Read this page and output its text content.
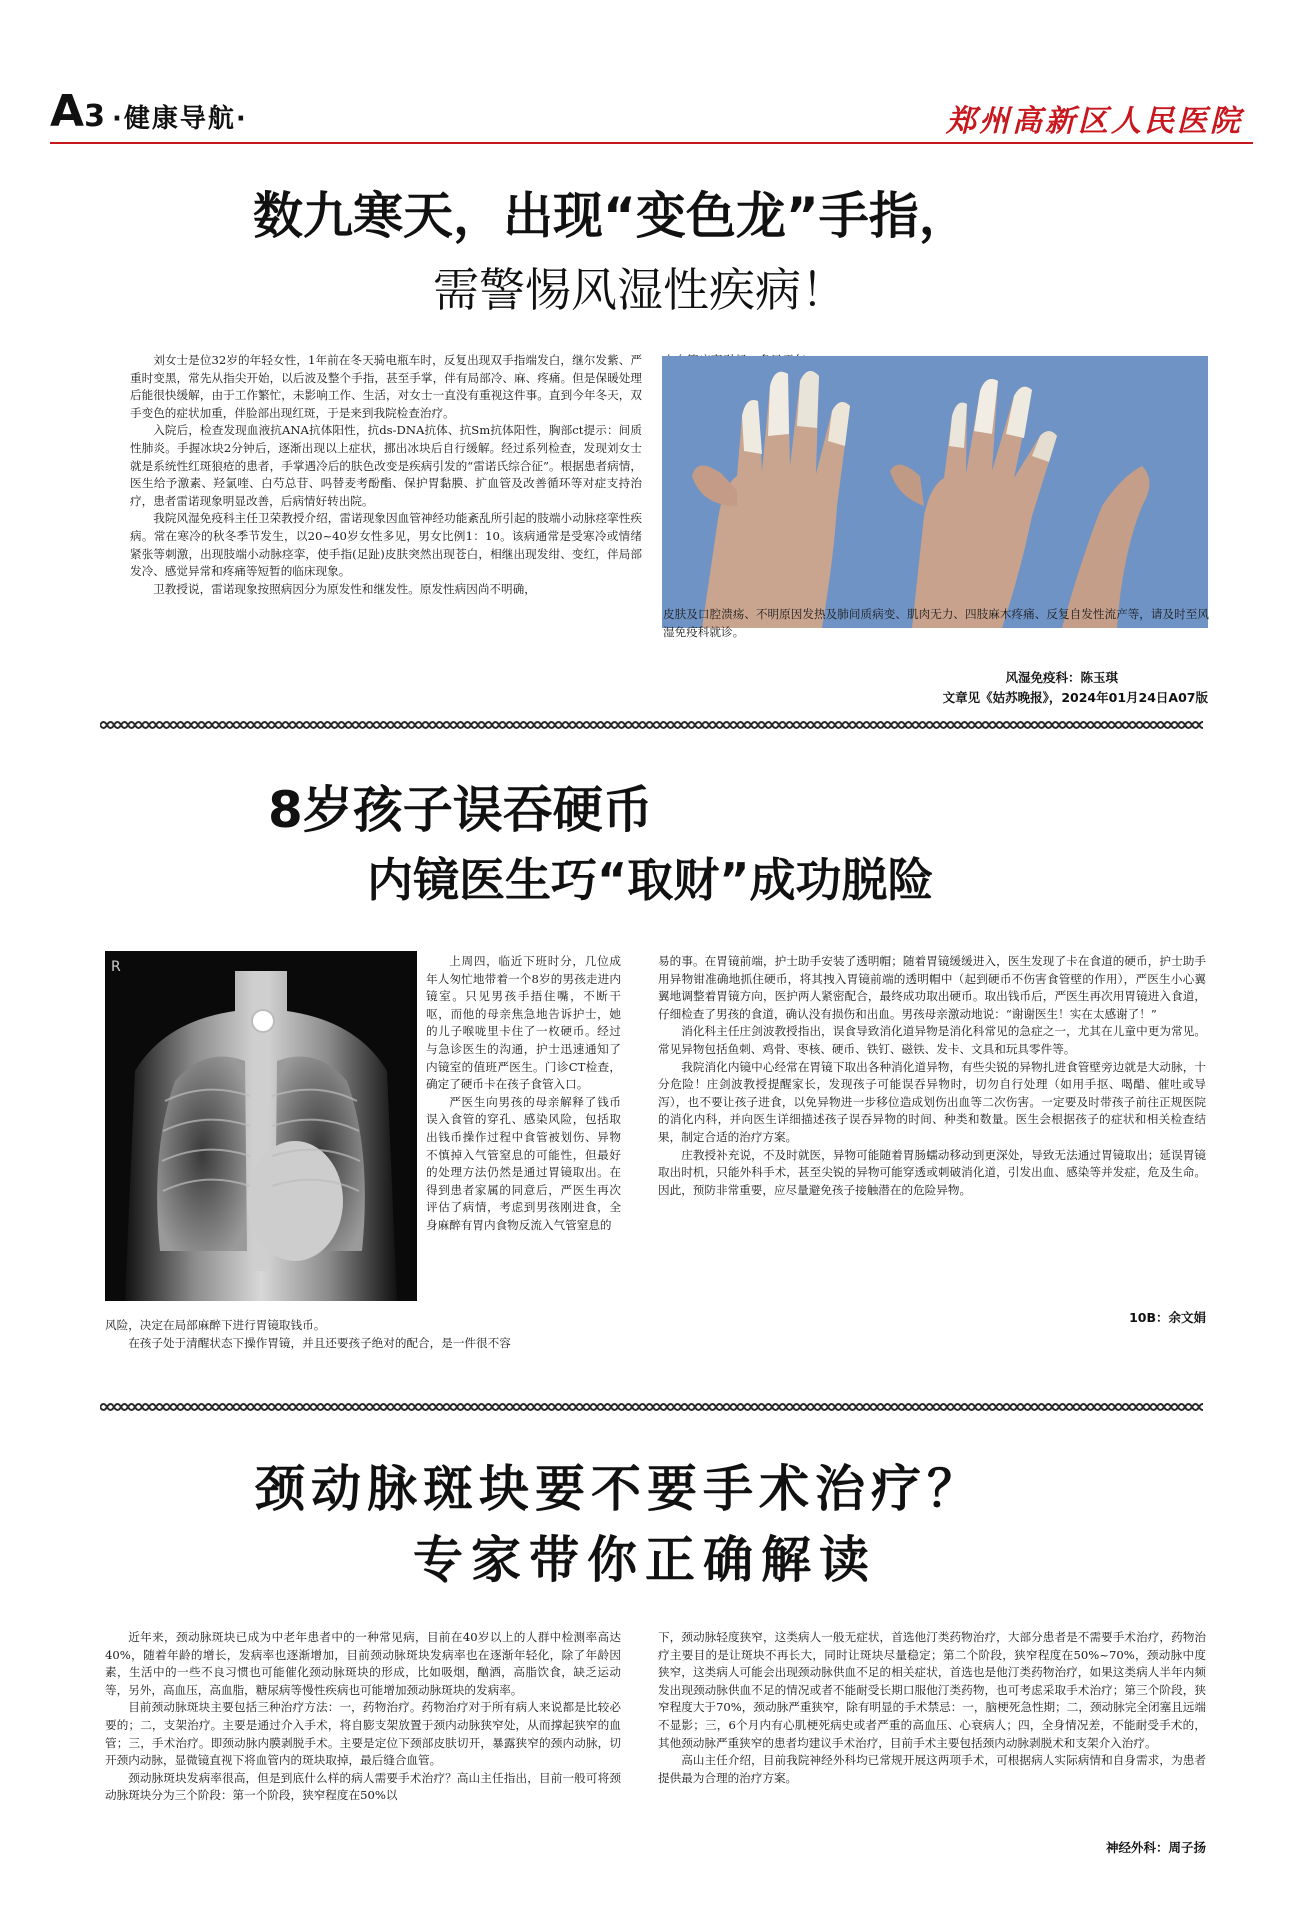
A3 ·健康导航·	郑州高新区人民医院
数九寒天，出现“变色龙”手指，
需警惕风湿性疾病！

刘女士是位32岁的年轻女性，1年前在冬天骑电瓶车时，反复出现双手指端发白，继尔发紫、严重时变黑，常先从指尖开始，以后波及整个手指，甚至手掌，伴有局部冷、麻、疼痛。但是保暖处理后能很快缓解，由于工作繁忙，未影响工作、生活，对女士一直没有重视这件事。直到今年冬天，双手变色的症状加重，伴脸部出现红斑，于是来到我院检查治疗。

入院后，检查发现血液抗ANA抗体阳性，抗ds-DNA抗体、抗Sm抗体阳性，胸部ct提示：间质性肺炎。手握冰块2分钟后，逐渐出现以上症状，挪出冰块后自行缓解。经过系列检查，发现刘女士就是系统性红斑狼疮的患者，手掌遇冷后的肤色改变是疾病引发的“雷诺氏综合征”。根据患者病情，医生给予激素、羟氯喹、白芍总苷、吗替麦考酚酯、保护胃黏膜、扩血管及改善循环等对症支持治疗，患者雷诺现象明显改善，后病情好转出院。

我院风湿免疫科主任卫荣教授介绍，雷诺现象因血管神经功能紊乱所引起的肢端小动脉痉挛性疾病。常在寒冷的秋冬季节发生，以20~40岁女性多见，男女比例1：10。该病通常是受寒冷或情绪紧张等刺激，出现肢端小动脉痉挛，使手指(足趾)皮肤突然出现苍白，相继出现发绀、变红，伴局部发冷、感觉异常和疼痛等短暂的临床现象。

卫教授说，雷诺现象按照病因分为原发性和继发性。原发性病因尚不明确，

皮肤及口腔溃疡、不明原因发热及肺间质病变、肌肉无力、四肢麻木疼痛、反复自发性流产等，请及时至风湿免疫科就诊。
风湿免疫科：陈玉琪
文章见《姑苏晚报》，2024年01月24日A07版
8岁孩子误吞硬币
内镜医生巧“取财”成功脱险
R	上周四，临近下班时分，几位成年人匆忙地带着一个8岁的男孩走进内镜室。只见男孩手捂住嘴，不断干呕，而他的母亲焦急地告诉护士，她的儿子喉咙里卡住了一枚硬币。经过与急诊医生的沟通，护士迅速通知了内镜室的值班严医生。门诊CT检查，确定了硬币卡在孩子食管入口。

严医生向男孩的母亲解释了钱币误入食管的穿孔、感染风险，包括取出钱币操作过程中食管被划伤、异物不慎掉入气管窒息的可能性，但最好的处理方法仍然是通过胃镜取出。在得到患者家属的同意后，严医生再次评估了病情，考虑到男孩刚进食，全身麻醉有胃内食物反流入气管窒息的

风险，决定在局部麻醉下进行胃镜取钱币。

在孩子处于清醒状态下操作胃镜，并且还要孩子绝对的配合，是一件很不容

易的事。在胃镜前端，护士助手安装了透明帽；随着胃镜缓缓进入，医生发现了卡在食道的硬币，护士助手用异物钳准确地抓住硬币，将其拽入胃镜前端的透明帽中（起到硬币不伤害食管壁的作用），严医生小心翼翼地调整着胃镜方向，医护两人紧密配合，最终成功取出硬币。取出钱币后，严医生再次用胃镜进入食道，仔细检查了男孩的食道，确认没有损伤和出血。男孩母亲激动地说：“谢谢医生！实在太感谢了！”

消化科主任庄剑波教授指出，误食导致消化道异物是消化科常见的急症之一，尤其在儿童中更为常见。常见异物包括鱼刺、鸡骨、枣核、硬币、铁钉、磁铁、发卡、文具和玩具零件等。

我院消化内镜中心经常在胃镜下取出各种消化道异物，有些尖锐的异物扎进食管壁旁边就是大动脉，十分危险！庄剑波教授提醒家长，发现孩子可能误吞异物时，切勿自行处理（如用手抠、喝醋、催吐或导泻），也不要让孩子进食，以免异物进一步移位造成划伤出血等二次伤害。一定要及时带孩子前往正规医院的消化内科，并向医生详细描述孩子误吞异物的时间、种类和数量。医生会根据孩子的症状和相关检查结果，制定合适的治疗方案。

庄教授补充说，不及时就医，异物可能随着胃肠蠕动移动到更深处，导致无法通过胃镜取出；延误胃镜取出时机，只能外科手术，甚至尖锐的异物可能穿透或刺破消化道，引发出血、感染等并发症，危及生命。因此，预防非常重要，应尽量避免孩子接触潜在的危险异物。

10B：余文娟
颈动脉斑块要不要手术治疗？
专家带你正确解读

近年来，颈动脉斑块已成为中老年患者中的一种常见病，目前在40岁以上的人群中检测率高达40%，随着年龄的增长，发病率也逐渐增加，目前颈动脉斑块发病率也在逐渐年轻化，除了年龄因素，生活中的一些不良习惯也可能催化颈动脉斑块的形成，比如吸烟，酗酒，高脂饮食，缺乏运动等，另外，高血压，高血脂，糖尿病等慢性疾病也可能增加颈动脉斑块的发病率。

目前颈动脉斑块主要包括三种治疗方法：一，药物治疗。药物治疗对于所有病人来说都是比较必要的；二，支架治疗。主要是通过介入手术，将自膨支架放置于颈内动脉狭窄处，从而撑起狭窄的血管；三，手术治疗。即颈动脉内膜剥脱手术。主要是定位下颈部皮肤切开，暴露狭窄的颈内动脉，切开颈内动脉，显微镜直视下将血管内的斑块取掉，最后缝合血管。

颈动脉斑块发病率很高，但是到底什么样的病人需要手术治疗？高山主任指出，目前一般可将颈动脉斑块分为三个阶段：第一个阶段，狭窄程度在50%以

下，颈动脉轻度狭窄，这类病人一般无症状，首选他汀类药物治疗，大部分患者是不需要手术治疗，药物治疗主要目的是让斑块不再长大，同时让斑块尽量稳定；第二个阶段，狭窄程度在50%~70%，颈动脉中度狭窄，这类病人可能会出现颈动脉供血不足的相关症状，首选也是他汀类药物治疗，如果这类病人半年内频发出现颈动脉供血不足的情况或者不能耐受长期口服他汀类药物，也可考虑采取手术治疗；第三个阶段，狭窄程度大于70%，颈动脉严重狭窄，除有明显的手术禁忌：一，脑梗死急性期；二，颈动脉完全闭塞且远端不显影；三，6个月内有心肌梗死病史或者严重的高血压、心衰病人；四，全身情况差，不能耐受手术的，其他颈动脉严重狭窄的患者均建议手术治疗，目前手术主要包括颈内动脉剥脱术和支架介入治疗。

高山主任介绍，目前我院神经外科均已常规开展这两项手术，可根据病人实际病情和自身需求，为患者提供最为合理的治疗方案。

神经外科：周子扬
